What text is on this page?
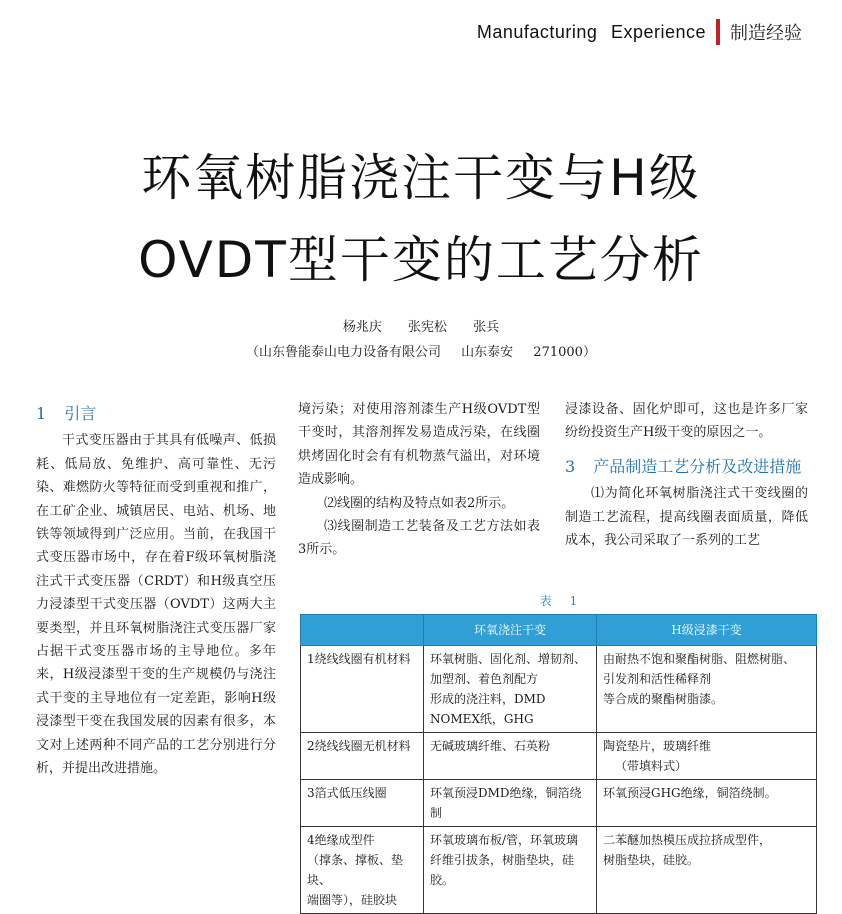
Manufacturing Experience 制造经验
环氧树脂浇注干变与H级
OVDT型干变的工艺分析
杨兆庆 张宪松 张兵
（山东鲁能泰山电力设备有限公司 山东泰安 271000）
1 引言

干式变压器由于其具有低噪声、低损耗、低局放、免维护、高可靠性、无污染、难燃防火等特征而受到重视和推广， 在工矿企业、城镇居民、电站、机场、地铁等领域得到广泛应用。当前，在我国干式变压器市场中，存在着F级环氧树脂浇注式干式变压器（CRDT）和H级真空压力浸漆型干式变压器（OVDT）这两大主要类型，并且环氧树脂浇注式变压器厂家占据干式变压器市场的主导地位。多年来，H级浸漆型干变的生产规模仍与浇注式干变的主导地位有一定差距，影响H级浸漆型干变在我国发展的因素有很多，本文对上述两种不同产品的工艺分别进行分析，并提出改进措施。

境污染；对使用溶剂漆生产H级OVDT型干变时，其溶剂挥发易造成污染，在线圈烘烤固化时会有有机物蒸气溢出，对环境造成影响。

⑵线圈的结构及特点如表2所示。

⑶线圈制造工艺装备及工艺方法如表3所示。

浸漆设备、固化炉即可，这也是许多厂家纷纷投资生产H级干变的原因之一。

3 产品制造工艺分析及改进措施

⑴为简化环氧树脂浇注式干变线圈的制造工艺流程，提高线圈表面质量，降低成本，我公司采取了一系列的工艺

表 1
	环氧浇注干变	H级浸漆干变

1绕线线圈有机材料	环氧树脂、固化剂、增韧剂、
加塑剂、着色剂配方
形成的浇注料，DMD
NOMEX纸，GHG	由耐热不饱和聚酯树脂、阻燃树脂、
引发剂和活性稀释剂
等合成的聚酯树脂漆。

2绕线线圈无机材料	无碱玻璃纤维、石英粉	陶瓷垫片，玻璃纤维
（带填料式）

3箔式低压线圈	环氧预浸DMD绝缘，铜箔绕制	环氧预浸GHG绝缘，铜箔绕制。

4绝缘成型件
（撑条、撑板、垫块、
端圈等），硅胶块	环氧玻璃布板/管，环氧玻璃
纤维引拔条，树脂垫块，硅胶。	二苯醚加热模压成拉挤成型件，
树脂垫块，硅胶。
